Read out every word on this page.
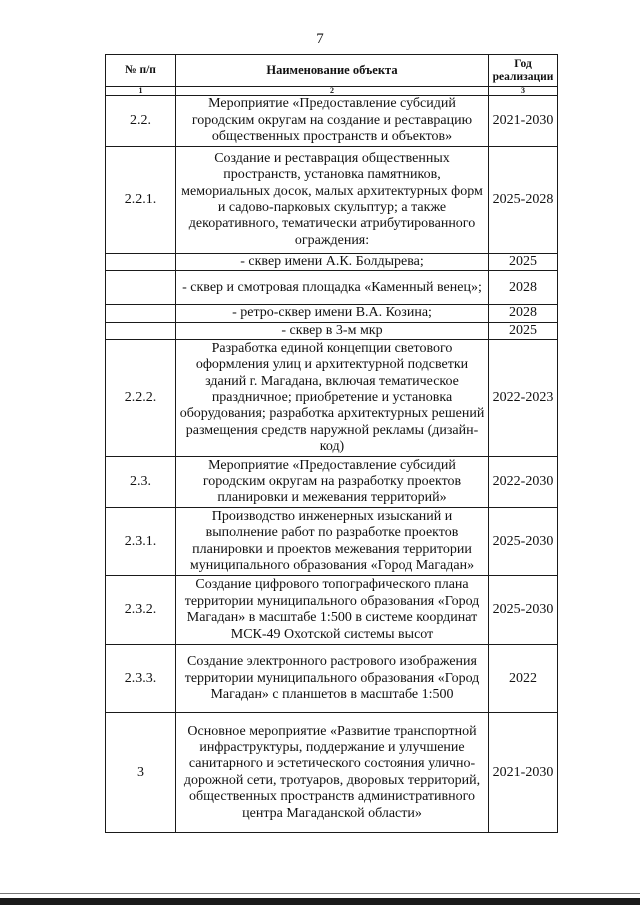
7
№ п/п	Наименование объекта	Год реализации
1	2	3
2.2.	Мероприятие «Предоставление субсидий городским округам на создание и реставрацию общественных пространств и объектов»	2021-2030
2.2.1.	Создание и реставрация общественных пространств, установка памятников, мемориальных досок, малых архитектурных форм и садово-парковых скульптур; а также декоративного, тематически атрибутированного ограждения:	2025-2028
	- сквер имени А.К. Болдырева;	2025
	- сквер и смотровая площадка «Каменный венец»;	2028
	- ретро-сквер имени В.А. Козина;	2028
	- сквер в 3-м мкр	2025
2.2.2.	Разработка единой концепции светового оформления улиц и архитектурной подсветки зданий г. Магадана, включая тематическое праздничное; приобретение и установка оборудования; разработка архитектурных решений размещения средств наружной рекламы (дизайн-код)	2022-2023
2.3.	Мероприятие «Предоставление субсидий городским округам на разработку проектов планировки и межевания территорий»	2022-2030
2.3.1.	Производство инженерных изысканий и выполнение работ по разработке проектов планировки и проектов межевания территории муниципального образования «Город Магадан»	2025-2030
2.3.2.	Создание цифрового топографического плана территории муниципального образования «Город Магадан» в масштабе 1:500 в системе координат МСК-49 Охотской системы высот	2025-2030
2.3.3.	Создание электронного растрового изображения территории муниципального образования «Город Магадан» с планшетов в масштабе 1:500	2022
3	Основное мероприятие «Развитие транспортной инфраструктуры, поддержание и улучшение санитарного и эстетического состояния улично-дорожной сети, тротуаров, дворовых территорий, общественных пространств административного центра Магаданской области»	2021-2030
